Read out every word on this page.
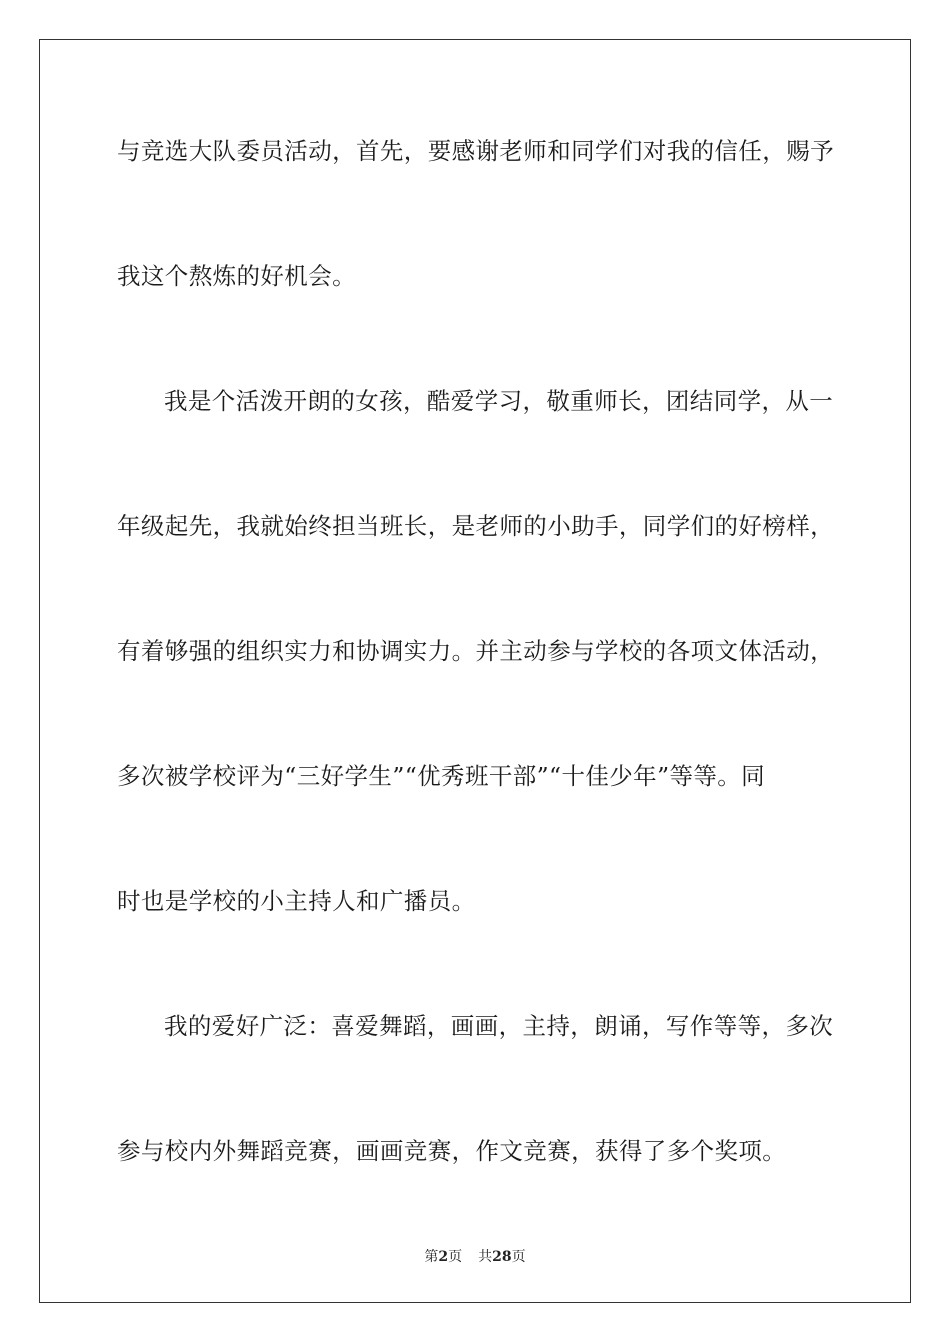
与竞选大队委员活动，首先，要感谢老师和同学们对我的信任，赐予
我这个熬炼的好机会。
我是个活泼开朗的女孩，酷爱学习，敬重师长，团结同学，从一
年级起先，我就始终担当班长，是老师的小助手，同学们的好榜样，
有着够强的组织实力和协调实力。并主动参与学校的各项文体活动，
多次被学校评为“三好学生”“优秀班干部”“十佳少年”等等。同
时也是学校的小主持人和广播员。
我的爱好广泛：喜爱舞蹈，画画，主持，朗诵，写作等等，多次
参与校内外舞蹈竞赛，画画竞赛，作文竞赛，获得了多个奖项。
第2页 共28页
